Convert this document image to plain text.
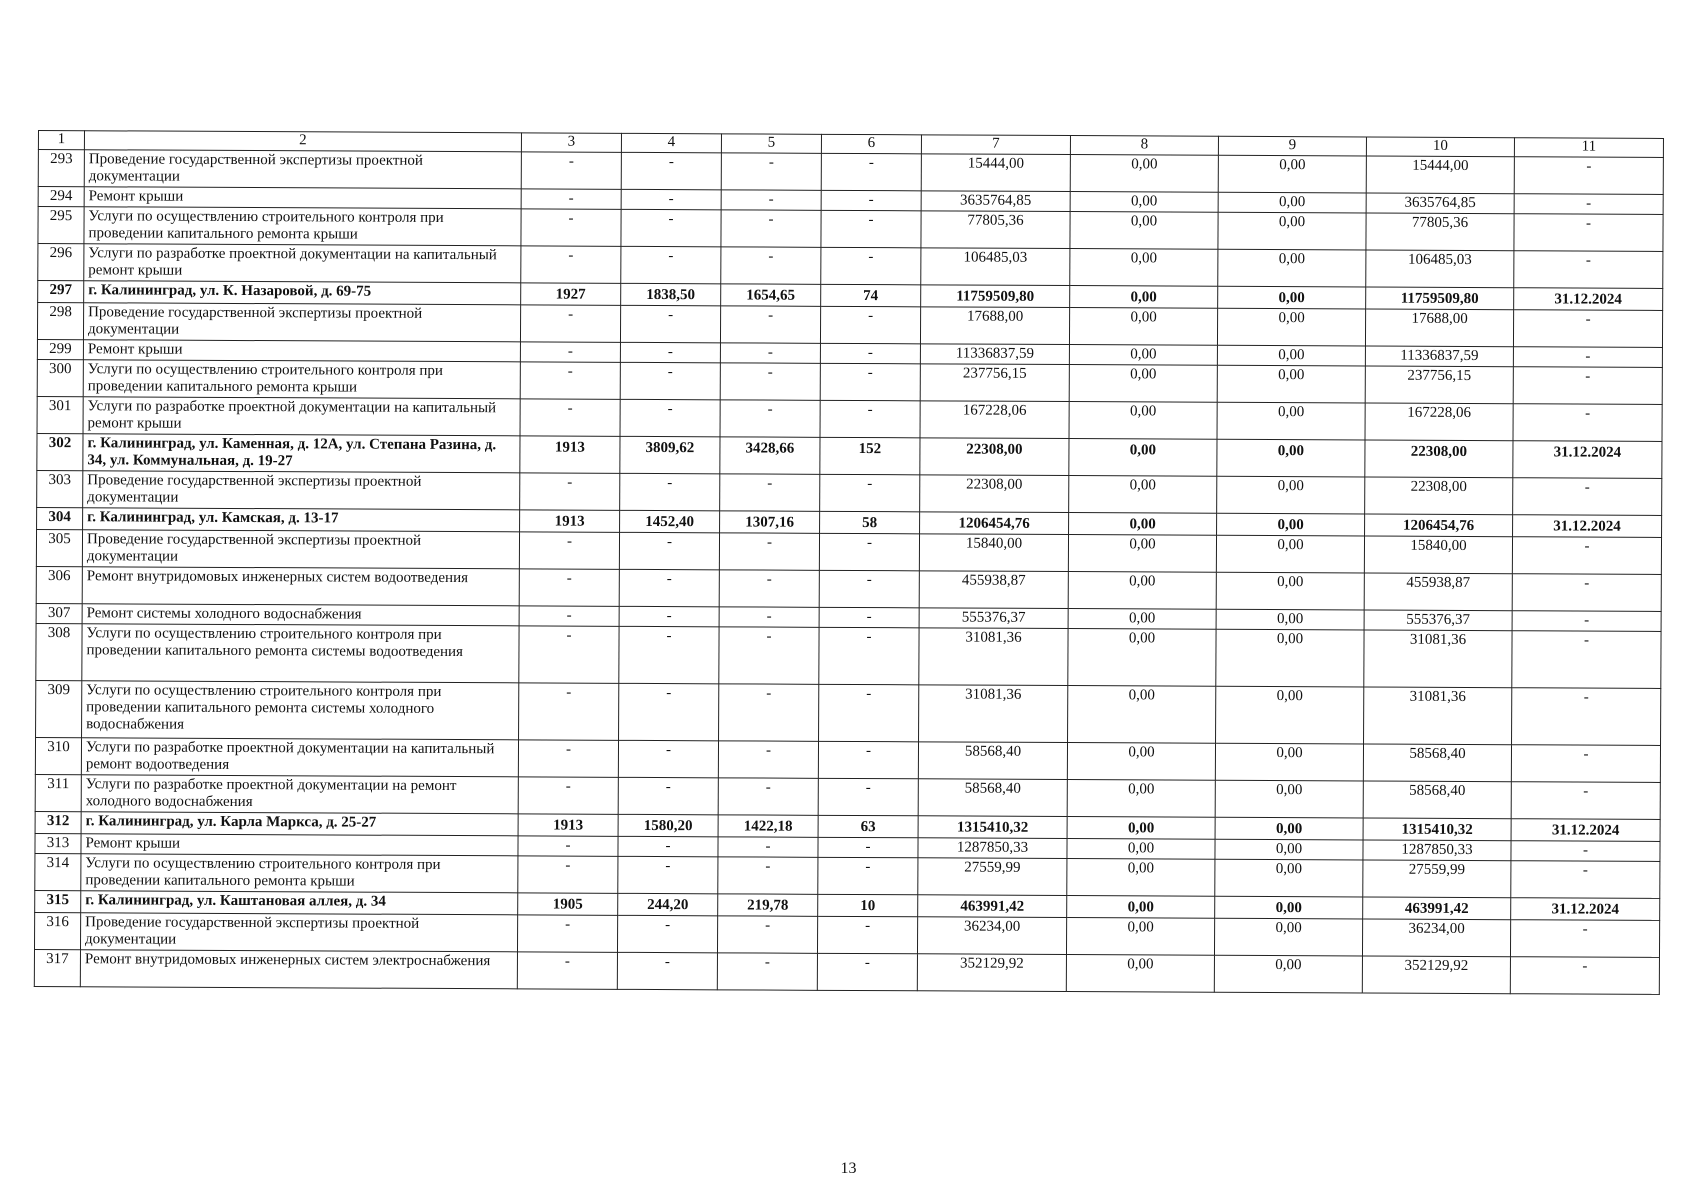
1	2	3	4	5	6	7	8	9	10	11
293	Проведение государственной экспертизы проектной документации	-	-	-	-	15444,00	0,00	0,00	15444,00	-
294	Ремонт крыши	-	-	-	-	3635764,85	0,00	0,00	3635764,85	-
295	Услуги по осуществлению строительного контроля при проведении капитального ремонта крыши	-	-	-	-	77805,36	0,00	0,00	77805,36	-
296	Услуги по разработке проектной документации на капитальный ремонт крыши	-	-	-	-	106485,03	0,00	0,00	106485,03	-
297	г. Калининград, ул. К. Назаровой, д. 69-75	1927	1838,50	1654,65	74	11759509,80	0,00	0,00	11759509,80	31.12.2024
298	Проведение государственной экспертизы проектной документации	-	-	-	-	17688,00	0,00	0,00	17688,00	-
299	Ремонт крыши	-	-	-	-	11336837,59	0,00	0,00	11336837,59	-
300	Услуги по осуществлению строительного контроля при проведении капитального ремонта крыши	-	-	-	-	237756,15	0,00	0,00	237756,15	-
301	Услуги по разработке проектной документации на капитальный ремонт крыши	-	-	-	-	167228,06	0,00	0,00	167228,06	-
302	г. Калининград, ул. Каменная, д. 12А, ул. Степана Разина, д. 34, ул. Коммунальная, д. 19-27	1913	3809,62	3428,66	152	22308,00	0,00	0,00	22308,00	31.12.2024
303	Проведение государственной экспертизы проектной документации	-	-	-	-	22308,00	0,00	0,00	22308,00	-
304	г. Калининград, ул. Камская, д. 13-17	1913	1452,40	1307,16	58	1206454,76	0,00	0,00	1206454,76	31.12.2024
305	Проведение государственной экспертизы проектной документации	-	-	-	-	15840,00	0,00	0,00	15840,00	-
306	Ремонт внутридомовых инженерных систем водоотведения	-	-	-	-	455938,87	0,00	0,00	455938,87	-
307	Ремонт системы холодного водоснабжения	-	-	-	-	555376,37	0,00	0,00	555376,37	-
308	Услуги по осуществлению строительного контроля при проведении капитального ремонта системы водоотведения	-	-	-	-	31081,36	0,00	0,00	31081,36	-
309	Услуги по осуществлению строительного контроля при проведении капитального ремонта системы холодного водоснабжения	-	-	-	-	31081,36	0,00	0,00	31081,36	-
310	Услуги по разработке проектной документации на капитальный ремонт водоотведения	-	-	-	-	58568,40	0,00	0,00	58568,40	-
311	Услуги по разработке проектной документации на ремонт холодного водоснабжения	-	-	-	-	58568,40	0,00	0,00	58568,40	-
312	г. Калининград, ул. Карла Маркса, д. 25-27	1913	1580,20	1422,18	63	1315410,32	0,00	0,00	1315410,32	31.12.2024
313	Ремонт крыши	-	-	-	-	1287850,33	0,00	0,00	1287850,33	-
314	Услуги по осуществлению строительного контроля при проведении капитального ремонта крыши	-	-	-	-	27559,99	0,00	0,00	27559,99	-
315	г. Калининград, ул. Каштановая аллея, д. 34	1905	244,20	219,78	10	463991,42	0,00	0,00	463991,42	31.12.2024
316	Проведение государственной экспертизы проектной документации	-	-	-	-	36234,00	0,00	0,00	36234,00	-
317	Ремонт внутридомовых инженерных систем электроснабжения	-	-	-	-	352129,92	0,00	0,00	352129,92	-
13
